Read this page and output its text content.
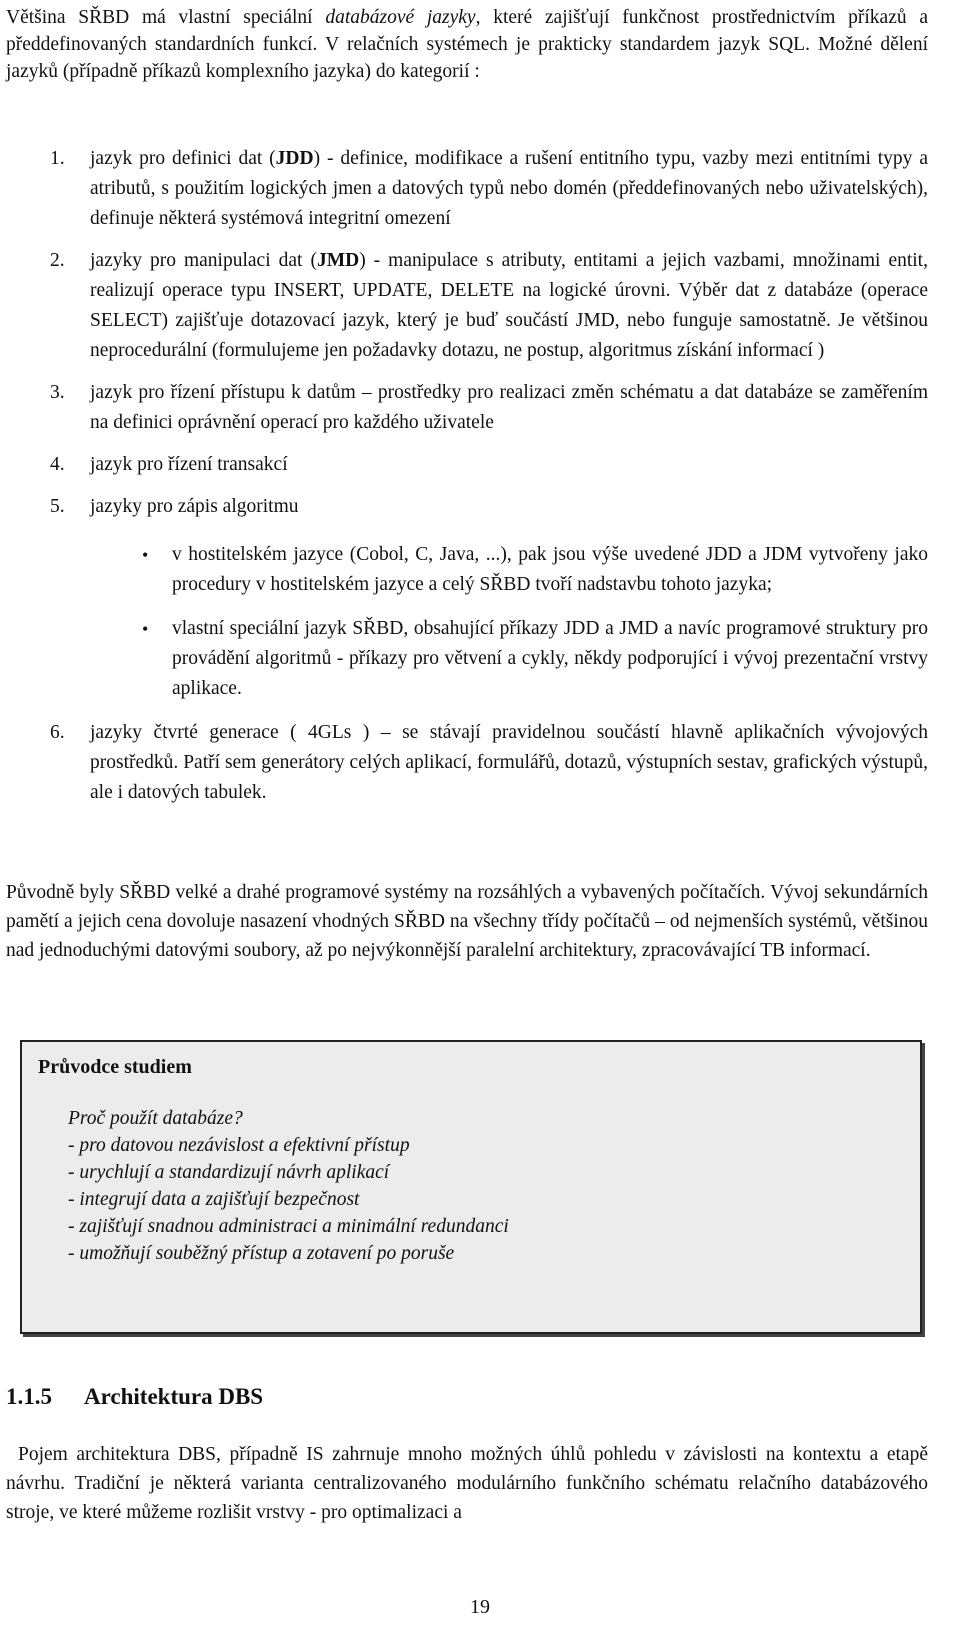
Většina SŘBD má vlastní speciální databázové jazyky, které zajišťují funkčnost prostřednictvím příkazů a předdefinovaných standardních funkcí. V relačních systémech je prakticky standardem jazyk SQL. Možné dělení jazyků (případně příkazů komplexního jazyka) do kategorií :

1. jazyk pro definici dat (JDD) - definice, modifikace a rušení entitního typu, vazby mezi entitními typy a atributů, s použitím logických jmen a datových typů nebo domén (předdefinovaných nebo uživatelských), definuje některá systémová integritní omezení

2. jazyky pro manipulaci dat (JMD) - manipulace s atributy, entitami a jejich vazbami, množinami entit, realizují operace typu INSERT, UPDATE, DELETE na logické úrovni. Výběr dat z databáze (operace SELECT) zajišťuje dotazovací jazyk, který je buď součástí JMD, nebo funguje samostatně. Je většinou neprocedurální (formulujeme jen požadavky dotazu, ne postup, algoritmus získání informací )

3. jazyk pro řízení přístupu k datům – prostředky pro realizaci změn schématu a dat databáze se zaměřením na definici oprávnění operací pro každého uživatele

4. jazyk pro řízení transakcí

5. jazyky pro zápis algoritmu

• v hostitelském jazyce (Cobol, C, Java, ...), pak jsou výše uvedené JDD a JDM vytvořeny jako procedury v hostitelském jazyce a celý SŘBD tvoří nadstavbu tohoto jazyka;

• vlastní speciální jazyk SŘBD, obsahující příkazy JDD a JMD a navíc programové struktury pro provádění algoritmů - příkazy pro větvení a cykly, někdy podporující i vývoj prezentační vrstvy aplikace.

6. jazyky čtvrté generace ( 4GLs ) – se stávají pravidelnou součástí hlavně aplikačních vývojových prostředků. Patří sem generátory celých aplikací, formulářů, dotazů, výstupních sestav, grafických výstupů, ale i datových tabulek.

Původně byly SŘBD velké a drahé programové systémy na rozsáhlých a vybavených počítačích. Vývoj sekundárních pamětí a jejich cena dovoluje nasazení vhodných SŘBD na všechny třídy počítačů – od nejmenších systémů, většinou nad jednoduchými datovými soubory, až po nejvýkonnější paralelní architektury, zpracovávající TB informací.

Průvodce studiem
Proč použít databáze?
- pro datovou nezávislost a efektivní přístup
- urychlují a standardizují návrh aplikací
- integrují data a zajišťují bezpečnost
- zajišťují snadnou administraci a minimální redundanci
- umožňují souběžný přístup a zotavení po poruše
1.1.5 Architektura DBS

Pojem architektura DBS, případně IS zahrnuje mnoho možných úhlů pohledu v závislosti na kontextu a etapě návrhu. Tradiční je některá varianta centralizovaného modulárního funkčního schématu relačního databázového stroje, ve které můžeme rozlišit vrstvy - pro optimalizaci a

19
